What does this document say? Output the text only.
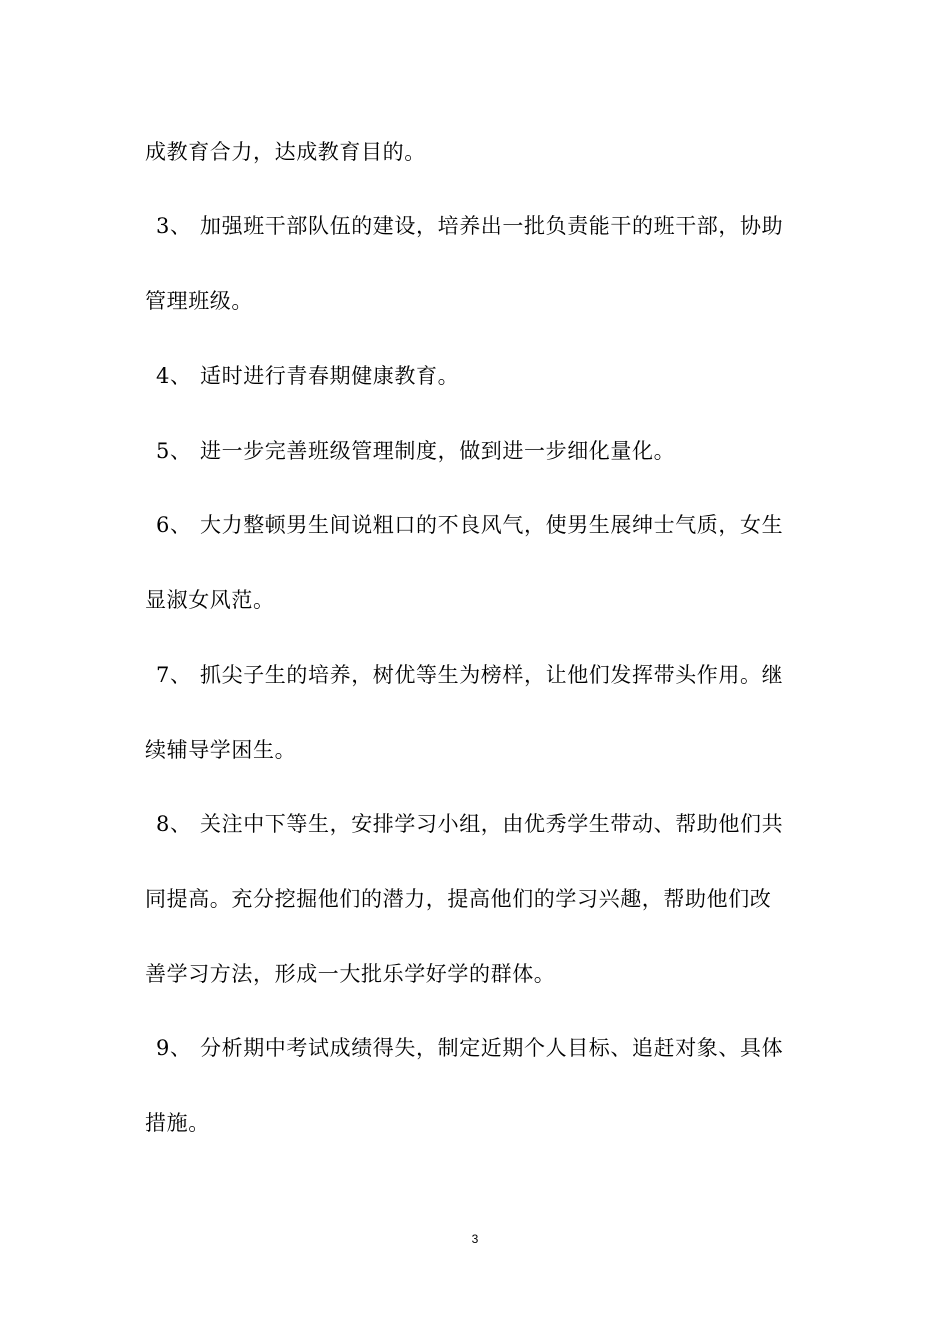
成教育合力，达成教育目的。
3、 加强班干部队伍的建设，培养出一批负责能干的班干部，协助
管理班级。
4、 适时进行青春期健康教育。
5、 进一步完善班级管理制度，做到进一步细化量化。
6、 大力整顿男生间说粗口的不良风气，使男生展绅士气质，女生
显淑女风范。
7、 抓尖子生的培养，树优等生为榜样，让他们发挥带头作用。继
续辅导学困生。
8、 关注中下等生，安排学习小组，由优秀学生带动、帮助他们共
同提高。充分挖掘他们的潜力，提高他们的学习兴趣，帮助他们改
善学习方法，形成一大批乐学好学的群体。
9、 分析期中考试成绩得失，制定近期个人目标、追赶对象、具体
措施。
3
